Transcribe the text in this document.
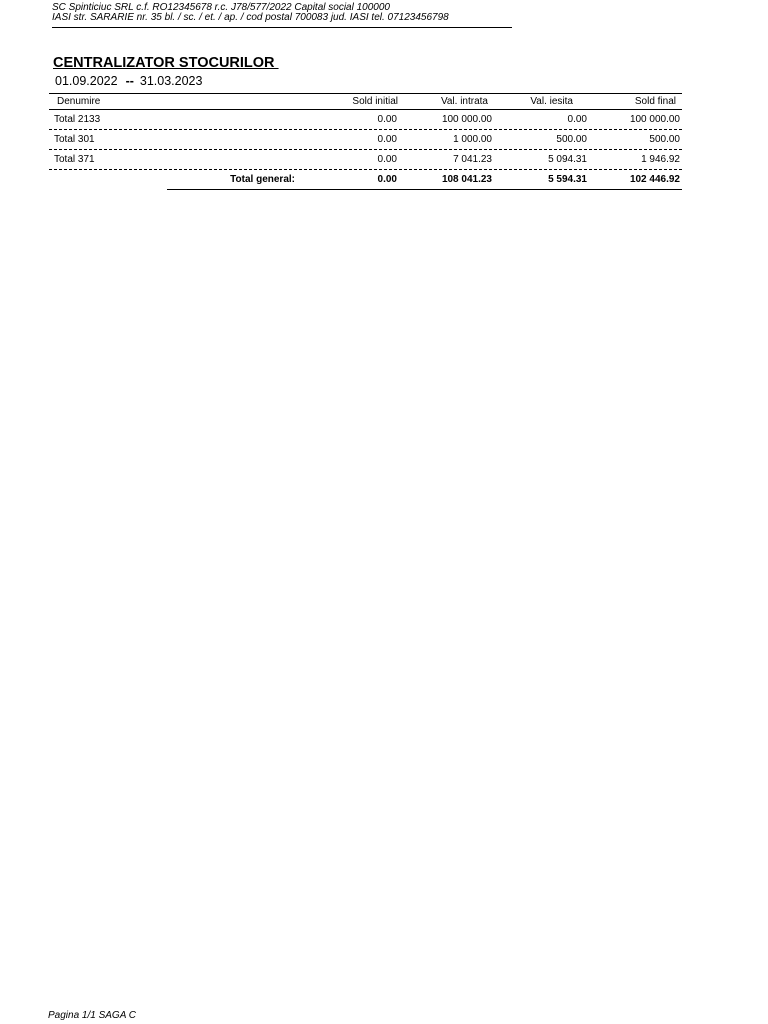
SC Spinticiuc SRL c.f. RO12345678 r.c. J78/577/2022 Capital social 100000
IASI str. SARARIE nr. 35 bl. / sc. / et. / ap. / cod postal 700083 jud. IASI tel. 07123456798
CENTRALIZATOR STOCURILOR
01.09.2022 -- 31.03.2023
Denumire	Sold initial	Val. intrata	Val. iesita	Sold final
Total 2133	0.00	100 000.00	0.00	100 000.00
Total 301	0.00	1 000.00	500.00	500.00
Total 371	0.00	7 041.23	5 094.31	1 946.92
Total general:	0.00	108 041.23	5 594.31	102 446.92
Pagina 1/1 SAGA C
